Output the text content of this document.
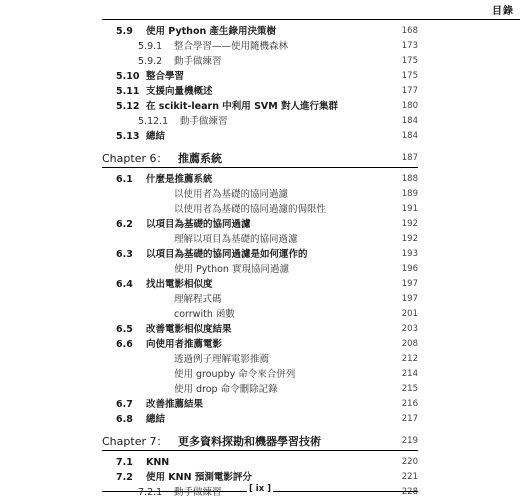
目錄
5.9 使用 Python 產生錄用決策樹	168
5.9.1 整合學習——使用隨機森林	173
5.9.2 動手做練習	175
5.10 整合學習	175
5.11 支援向量機概述	177
5.12 在 scikit-learn 中利用 SVM 對人進行集群	180
5.12.1 動手做練習	184
5.13 總結	184
Chapter 6： 推薦系統	187
6.1 什麼是推薦系統	188
以使用者為基礎的協同過濾	189
以使用者為基礎的協同過濾的侷限性	191
6.2 以項目為基礎的協同過濾	192
理解以項目為基礎的協同過濾	192
6.3 以項目為基礎的協同過濾是如何運作的	193
使用 Python 實現協同過濾	196
6.4 找出電影相似度	197
理解程式碼	197
corrwith 函數	201
6.5 改善電影相似度結果	203
6.6 向使用者推薦電影	208
透過例子理解電影推薦	212
使用 groupby 命令來合併列	214
使用 drop 命令刪除記錄	215
6.7 改善推薦結果	216
6.8 總結	217
Chapter 7： 更多資料探勘和機器學習技術	219
7.1 KNN	220
7.2 使用 KNN 預測電影評分	221
7.2.1 動手做練習	228
[ ix ]
